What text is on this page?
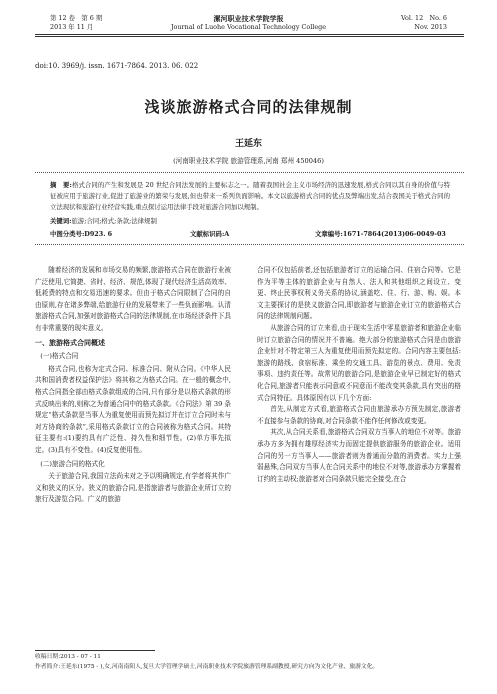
第 12 卷　第 6 期
2013 年 11 月
漯河职业技术学院学报
Journal of Luohe Vocational Technology College
Vol. 12　No. 6
Nov. 2013
doi:10. 3969/j. issn. 1671-7864. 2013. 06. 022
浅谈旅游格式合同的法律规制
王延东
(河南职业技术学院 旅游管理系,河南 郑州 450046)
摘　要:格式合同的产生和发展是 20 世纪合同法发展的主要标志之一。随着我国社会主义市场经济的迅速发展,格式合同以其自身的价值与特征被应用于旅游行业,促进了旅游业的繁荣与发展,但也带来一系列负面影响。本文以旅游格式合同的优点及弊端出发,结合我国关于格式合同的立法现状和旅游行业经营实践,重点探讨运用法律手段对旅游合同加以规制。
关键词:旅游;合同;格式;条款;法律规制
中图分类号:D923. 6	文献标识码:A	文章编号:1671-7864(2013)06-0049-03

随着经济的发展和市场交易的频繁,旅游格式合同在旅游行业被广泛使用,它简捷、省时、经济、规范,体现了现代经济生活高效率、低耗费的特点和交易迅速的要求。但由于格式合同限制了合同的自由原则,存在诸多弊端,给旅游行业的发展带来了一些负面影响。认清旅游格式合同,加强对旅游格式合同的法律规制,在市场经济条件下具有非常重要的现实意义。

一、旅游格式合同概述
(一)格式合同

格式合同,也称为定式合同、标准合同、附从合同。《中华人民共和国消费者权益保护法》将其称之为格式合同。在一般的概念中,格式合同指全部由格式条款组成的合同,只有部分是以格式条款的形式反映出来的,则称之为普通合同中的格式条款。《合同法》第 39 条规定“格式条款是当事人为重复使用而预先拟订并在订立合同时未与对方协商的条款”,采用格式条款订立的合同被称为格式合同。其特征主要有:(1)要约具有广泛性、持久性和细节性。(2)单方事先拟定。(3)具有不变性。(4)反复使用性。

(二)旅游合同的格式化

关于旅游合同,我国立法尚未对之予以明确规定,有学者将其作广义和狭义的区分。狭义的旅游合同,是指旅游者与旅游企业所订立的旅行及游览合同。广义的旅游

合同不仅包括前者,还包括旅游者订立的运输合同、住宿合同等。它是作为平等主体的旅游企业与自然人、法人和其他组织之间设立、变更、终止民事权利义务关系的协议,涵盖吃、住、行、游、购、娱。本文主要探讨的是狭义旅游合同,即旅游者与旅游企业订立的旅游格式合同的法律规制问题。

从旅游合同的订立来看,由于现实生活中零星旅游者和旅游企业临时订立旅游合同的情况并不普遍。绝大部分的旅游格式合同是由旅游企业针对不特定第三人为重复使用而预先拟定的。合同内容主要包括:旅游的路线、食宿标准、乘坐的交通工具、游览的景点、费用、免责事项、违约责任等。故常见的旅游合同,是旅游企业早已制定好的格式化合同,旅游者只能表示同意或不同意而不能改变其条款,具有突出的格式合同特征。具体原因有以下几个方面:

首先,从制定方式看,旅游格式合同由旅游承办方预先制定,旅游者不直接参与条款的协商,对合同条款不能作任何修改或变更。

其次,从合同关系看,旅游格式合同双方当事人的地位不对等。旅游承办方多为拥有雄厚经济实力而固定提供旅游服务的旅游企业。适用合同的另一方当事人——旅游者则为普通而分散的消费者。实力上强弱悬殊,合同双方当事人在合同关系中的地位不对等,旅游承办方掌握着订约的主动权;旅游者对合同条款只能完全接受,在合

收稿日期:2013 - 07 - 11
作者简介:王延东(1975 - ),女,河南南阳人,复旦大学管理学硕士,河南职业技术学院旅游管理系副教授,研究方向为文化产业、旅游文化。
